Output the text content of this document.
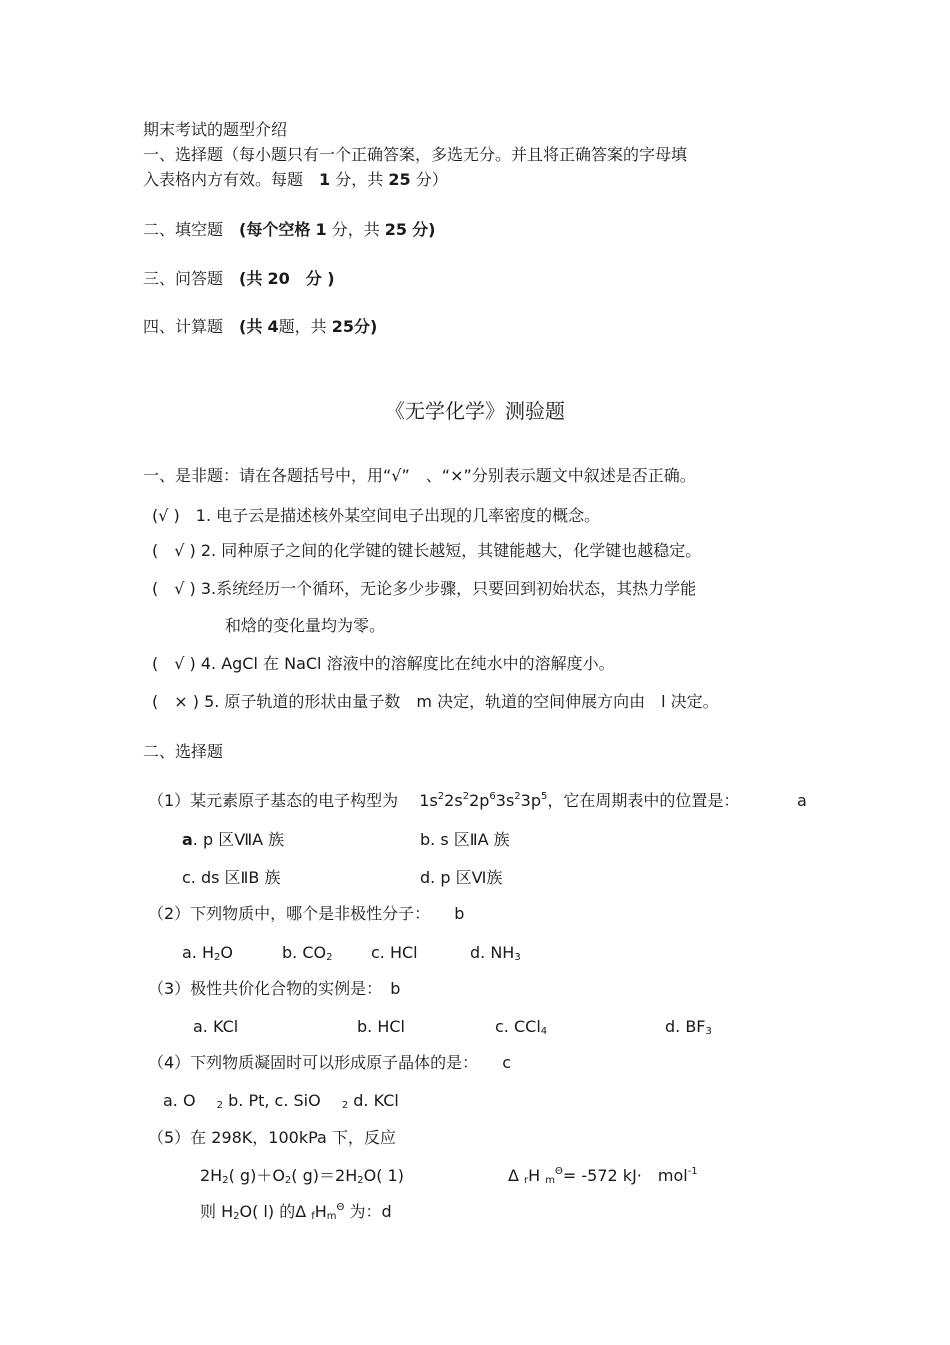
期末考试的题型介绍
一、选择题（每小题只有一个正确答案，多选无分。并且将正确答案的字母填
入表格内方有效。每题　 1 分，共 25 分）
二、填空题　 (每个空格 1 分，共 25 分)
三、问答题　 (共 20　 分 )
四、计算题　 (共 4题，共 25分)
《无学化学》测验题
一、是非题：请在各题括号中，用“√”　、“×”分别表示题文中叙述是否正确。
(√ )　1. 电子云是描述核外某空间电子出现的几率密度的概念。
(　√ ) 2. 同种原子之间的化学键的键长越短，其键能越大，化学键也越稳定。
(　√ ) 3.系统经历一个循环，无论多少步骤，只要回到初始状态，其热力学能
和焓的变化量均为零。
(　√ ) 4. AgCl 在 NaCl 溶液中的溶解度比在纯水中的溶解度小。
(　× ) 5. 原子轨道的形状由量子数　m 决定，轨道的空间伸展方向由　l 决定。
二、选择题
（1）某元素原子基态的电子构型为　 $1s^22s^22p^63s^23p^5$，它在周期表中的位置是：	a
a. p 区ⅦA 族	b. s 区ⅡA 族
c. ds 区ⅡB 族	d. p 区Ⅵ族
（2）下列物质中，哪个是非极性分子：　　 b
a. $H_2O$	b. $CO_2$ c. HCl	d. $NH_3$
（3）极性共价化合物的实例是：　 b
a. KCl	b. HCl	c. CCl$_4$	d. $BF_3$
（4）下列物质凝固时可以形成原子晶体的是：　　 c
a. O　 $_2$ b. Pt, c. SiO　 $_2$ d. KCl
（5）在 298K，100kPa 下，反应
$2H_2$( $g)+O_2$( $g)=2H_2O$( 1)	Δ $_r$H $_m^\Theta$= -572 kJ·　mol$^{-1}$
则 $H_2O$( l) 的Δ $_fH_m^\Theta$ 为：d
